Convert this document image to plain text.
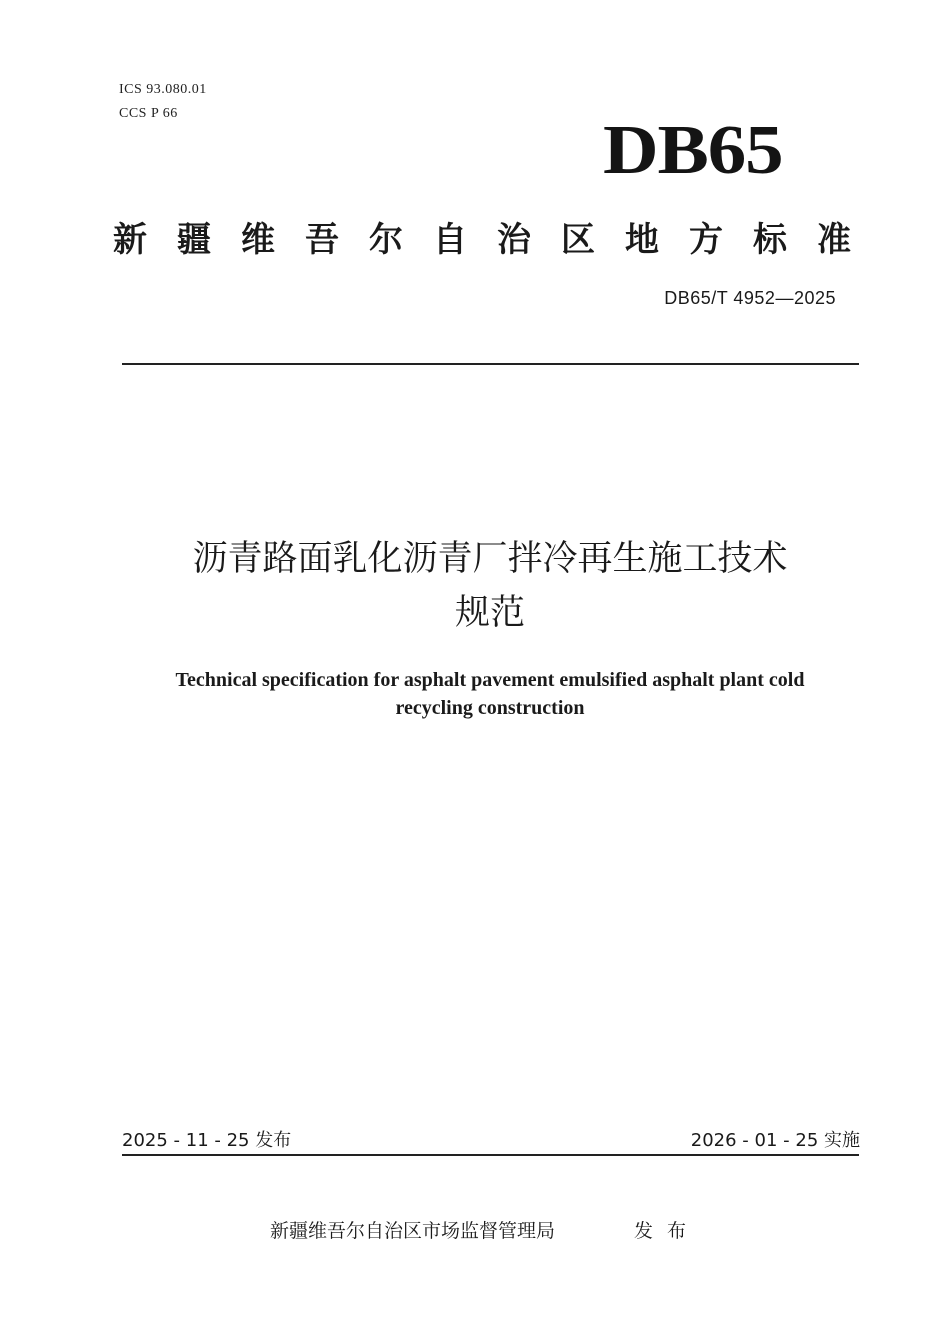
ICS 93.080.01
CCS P 66	DB65
新疆维吾尔自治区地方标准
DB65/T 4952—2025
沥青路面乳化沥青厂拌冷再生施工技术
规范
Technical specification for asphalt pavement emulsified asphalt plant cold
recycling construction
2025 - 11 - 25 发布	2026 - 01 - 25 实施
新疆维吾尔自治区市场监督管理局	发布
